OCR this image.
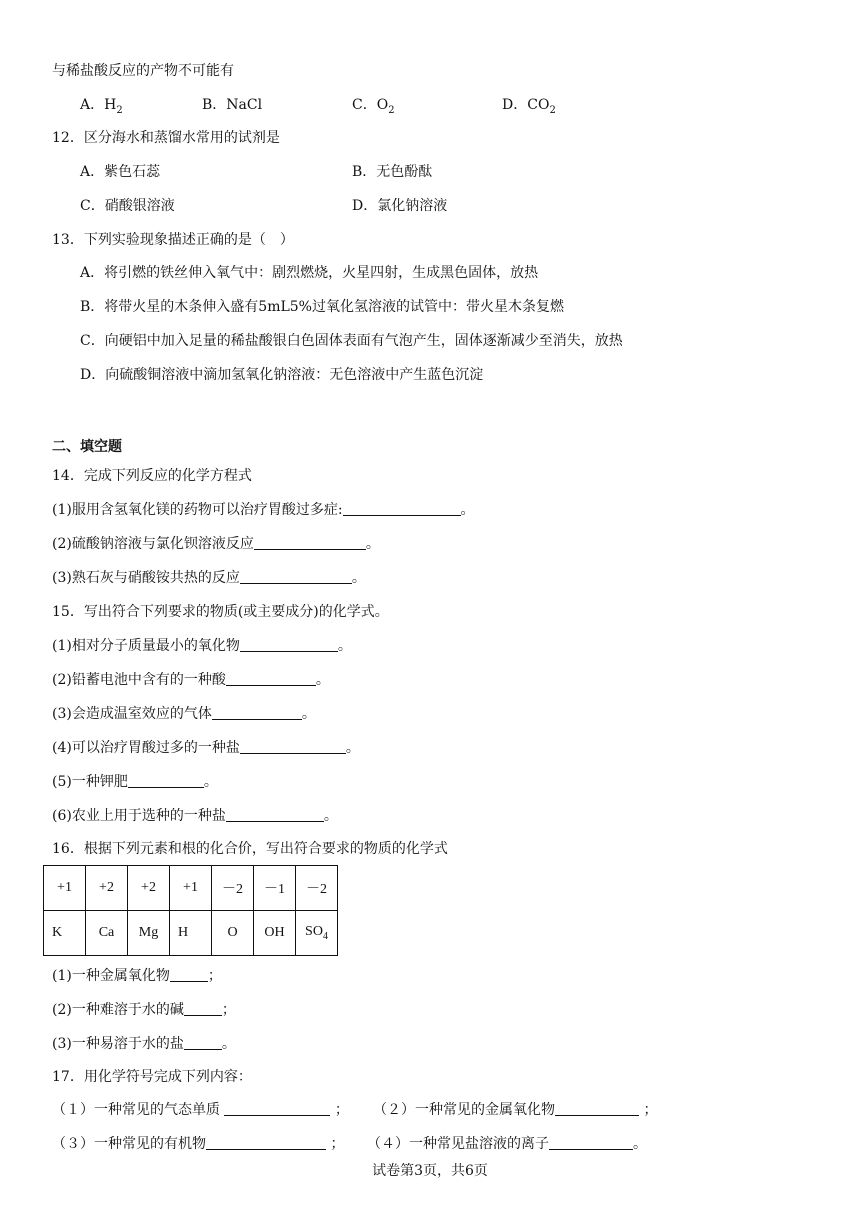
与稀盐酸反应的产物不可能有
A．$H_2$	B．NaCl	C．$O_2$	D．$CO_2$
12．区分海水和蒸馏水常用的试剂是
A．紫色石蕊	B．无色酚酞
C．硝酸银溶液	D．氯化钠溶液
13．下列实验现象描述正确的是（　）
A．将引燃的铁丝伸入氧气中：剧烈燃烧，火星四射，生成黑色固体，放热
B．将带火星的木条伸入盛有5mL5%过氧化氢溶液的试管中：带火星木条复燃
C．向硬铝中加入足量的稀盐酸银白色固体表面有气泡产生，固体逐渐减少至消失，放热
D．向硫酸铜溶液中滴加氢氧化钠溶液：无色溶液中产生蓝色沉淀
二、填空题
14．完成下列反应的化学方程式
(1)服用含氢氧化镁的药物可以治疗胃酸过多症:	。
(2)硫酸钠溶液与氯化钡溶液反应	。
(3)熟石灰与硝酸铵共热的反应	。
15．写出符合下列要求的物质(或主要成分)的化学式。
(1)相对分子质量最小的氧化物	。
(2)铅蓄电池中含有的一种酸	。
(3)会造成温室效应的气体	。
(4)可以治疗胃酸过多的一种盐	。
(5)一种钾肥	。
(6)农业上用于选种的一种盐	。
16．根据下列元素和根的化合价，写出符合要求的物质的化学式
+1	+2	+2	+1	－2	－1	－2
K	Ca	Mg	H	O	OH	$SO_4$
(1)一种金属氧化物	；
(2)一种难溶于水的碱	；
(3)一种易溶于水的盐	。
17．用化学符号完成下列内容：
（１）一种常见的气态单质	； （２）一种常见的金属氧化物	；
（３）一种常见的有机物	； （４）一种常见盐溶液的离子	。
试卷第3页，共6页
